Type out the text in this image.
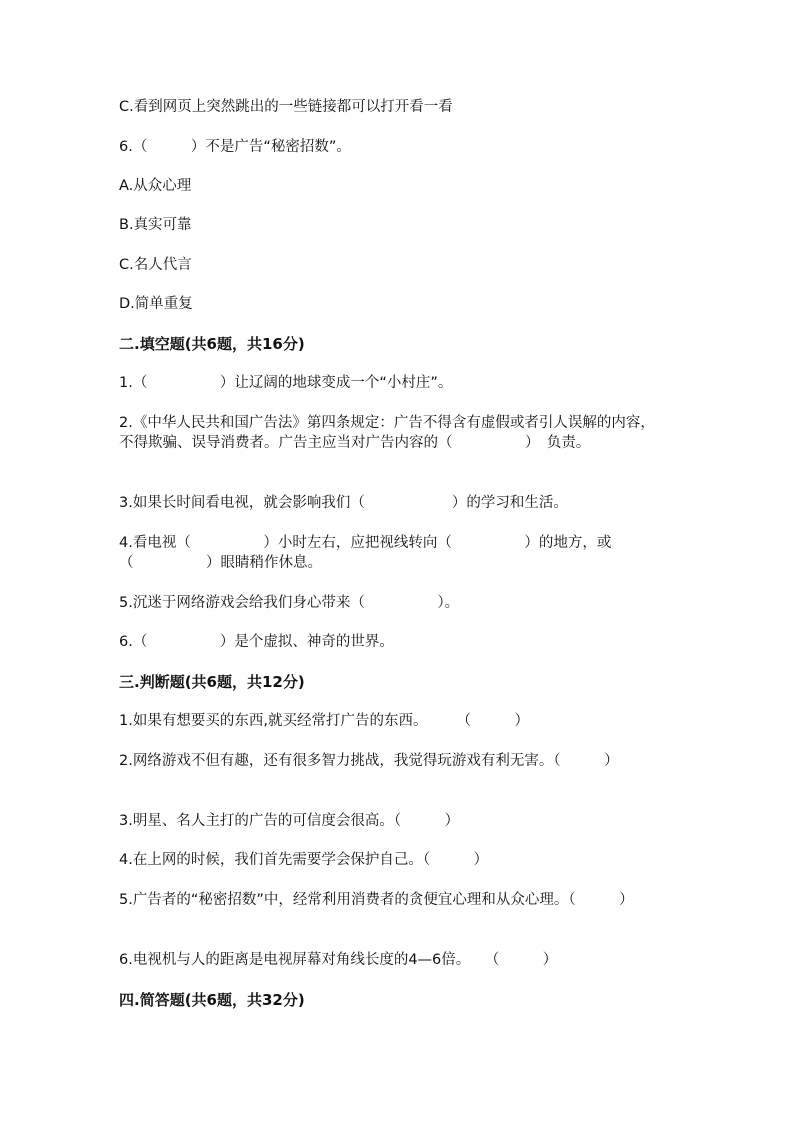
C.看到网页上突然跳出的一些链接都可以打开看一看
6.（　　　）不是广告“秘密招数”。
A.从众心理
B.真实可靠
C.名人代言
D.简单重复
二.填空题(共6题，共16分)
1.（　　　　　）让辽阔的地球变成一个“小村庄”。
2.《中华人民共和国广告法》第四条规定：广告不得含有虚假或者引人误解的内容，不得欺骗、误导消费者。广告主应当对广告内容的（　　　　　）　负责。
3.如果长时间看电视，就会影响我们（　　　　　　）的学习和生活。
4.看电视（　　　　　）小时左右，应把视线转向（　　　　　）的地方，或（　　　　　）眼睛稍作休息。
5.沉迷于网络游戏会给我们身心带来（　　　　　）。
6.（　　　　　）是个虚拟、神奇的世界。
三.判断题(共6题，共12分)
1.如果有想要买的东西,就买经常打广告的东西。　　　（　　　）
2.网络游戏不但有趣，还有很多智力挑战，我觉得玩游戏有利无害。（　　　）
3.明星、名人主打的广告的可信度会很高。（　　　）
4.在上网的时候，我们首先需要学会保护自己。（　　　）
5.广告者的“秘密招数”中，经常利用消费者的贪便宜心理和从众心理。（　　　）
6.电视机与人的距离是电视屏幕对角线长度的4—6倍。　　（　　　）
四.简答题(共6题，共32分)
